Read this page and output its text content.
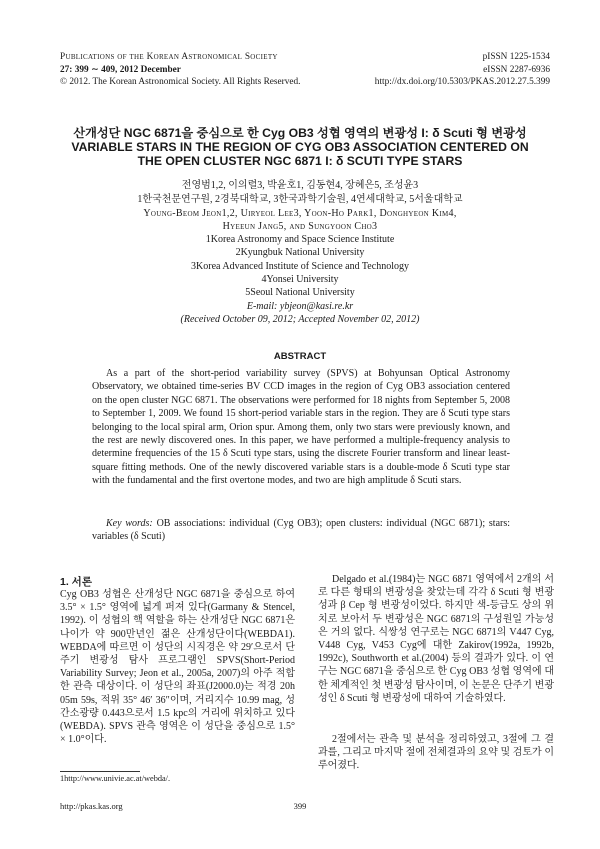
Publications of the Korean Astronomical Society
27: 399 ∼ 409, 2012 December
© 2012. The Korean Astronomical Society. All Rights Reserved.
pISSN 1225-1534
eISSN 2287-6936
http://dx.doi.org/10.5303/PKAS.2012.27.5.399
산개성단 NGC 6871을 중심으로 한 Cyg OB3 성협 영역의 변광성 I: δ Scuti 형 변광성
VARIABLE STARS IN THE REGION OF CYG OB3 ASSOCIATION CENTERED ON
THE OPEN CLUSTER NGC 6871 I: δ SCUTI TYPE STARS
전영범1,2, 이의렬3, 박윤호1, 김동현4, 장혜은5, 조성윤3
1한국천문연구원, 2경북대학교, 3한국과학기술원, 4연세대학교, 5서울대학교
Young-Beom Jeon1,2, Uiryeol Lee3, Yoon-Ho Park1, Donghyeon Kim4,
Hyeeun Jang5, and Sungyoon Cho3
1Korea Astronomy and Space Science Institute
2Kyungbuk National University
3Korea Advanced Institute of Science and Technology
4Yonsei University
5Seoul National University
E-mail: ybjeon@kasi.re.kr
(Received October 09, 2012; Accepted November 02, 2012)
ABSTRACT
As a part of the short-period variability survey (SPVS) at Bohyunsan Optical Astronomy Observatory, we obtained time-series BV CCD images in the region of Cyg OB3 association centered on the open cluster NGC 6871. The observations were performed for 18 nights from September 5, 2008 to September 1, 2009. We found 15 short-period variable stars in the region. They are δ Scuti type stars belonging to the local spiral arm, Orion spur. Among them, only two stars were previously known, and the rest are newly discovered ones. In this paper, we have performed a multiple-frequency analysis to determine frequencies of the 15 δ Scuti type stars, using the discrete Fourier transform and linear least-square fitting methods. One of the newly discovered variable stars is a double-mode δ Scuti type star with the fundamental and the first overtone modes, and two are high amplitude δ Scuti stars.
Key words: OB associations: individual (Cyg OB3); open clusters: individual (NGC 6871); stars: variables (δ Scuti)
1. 서론
Cyg OB3 성협은 산개성단 NGC 6871을 중심으로 하여 3.5° × 1.5° 영역에 넓게 퍼져 있다(Garmany & Stencel, 1992). 이 성협의 핵 역할을 하는 산개성단 NGC 6871은 나이가 약 900만년인 젊은 산개성단이다(WEBDA1). WEBDA에 따르면 이 성단의 시직경은 약 29′으로서 단주기 변광성 탐사 프로그램인 SPVS(Short-Period Variability Survey; Jeon et al., 2005a, 2007)의 아주 적합한 관측 대상이다. 이 성단의 좌표(J2000.0)는 적경 20h 05m 59s, 적위 35° 46′ 36″이며, 거리지수 10.99 mag, 성간소광량 0.443으로서 1.5 kpc의 거리에 위치하고 있다(WEBDA). SPVS 관측 영역은 이 성단을 중심으로 1.5° × 1.0°이다.
Delgado et al.(1984)는 NGC 6871 영역에서 2개의 서로 다른 형태의 변광성을 찾았는데 각각 δ Scuti 형 변광성과 β Cep 형 변광성이었다. 하지만 색-등급도 상의 위치로 보아서 두 변광성은 NGC 6871의 구성원일 가능성은 거의 없다. 식쌍성 연구로는 NGC 6871의 V447 Cyg, V448 Cyg, V453 Cyg에 대한 Zakirov(1992a, 1992b, 1992c), Southworth et al.(2004) 등의 결과가 있다. 이 연구는 NGC 6871을 중심으로 한 Cyg OB3 성협 영역에 대한 체계적인 첫 변광성 탐사이며, 이 논문은 단주기 변광성인 δ Scuti 형 변광성에 대하여 기술하였다.
2절에서는 관측 및 분석을 정리하였고, 3절에 그 결과를, 그리고 마지막 절에 전체결과의 요약 및 검토가 이루어졌다.
1http://www.univie.ac.at/webda/.
http://pkas.kas.org	399
